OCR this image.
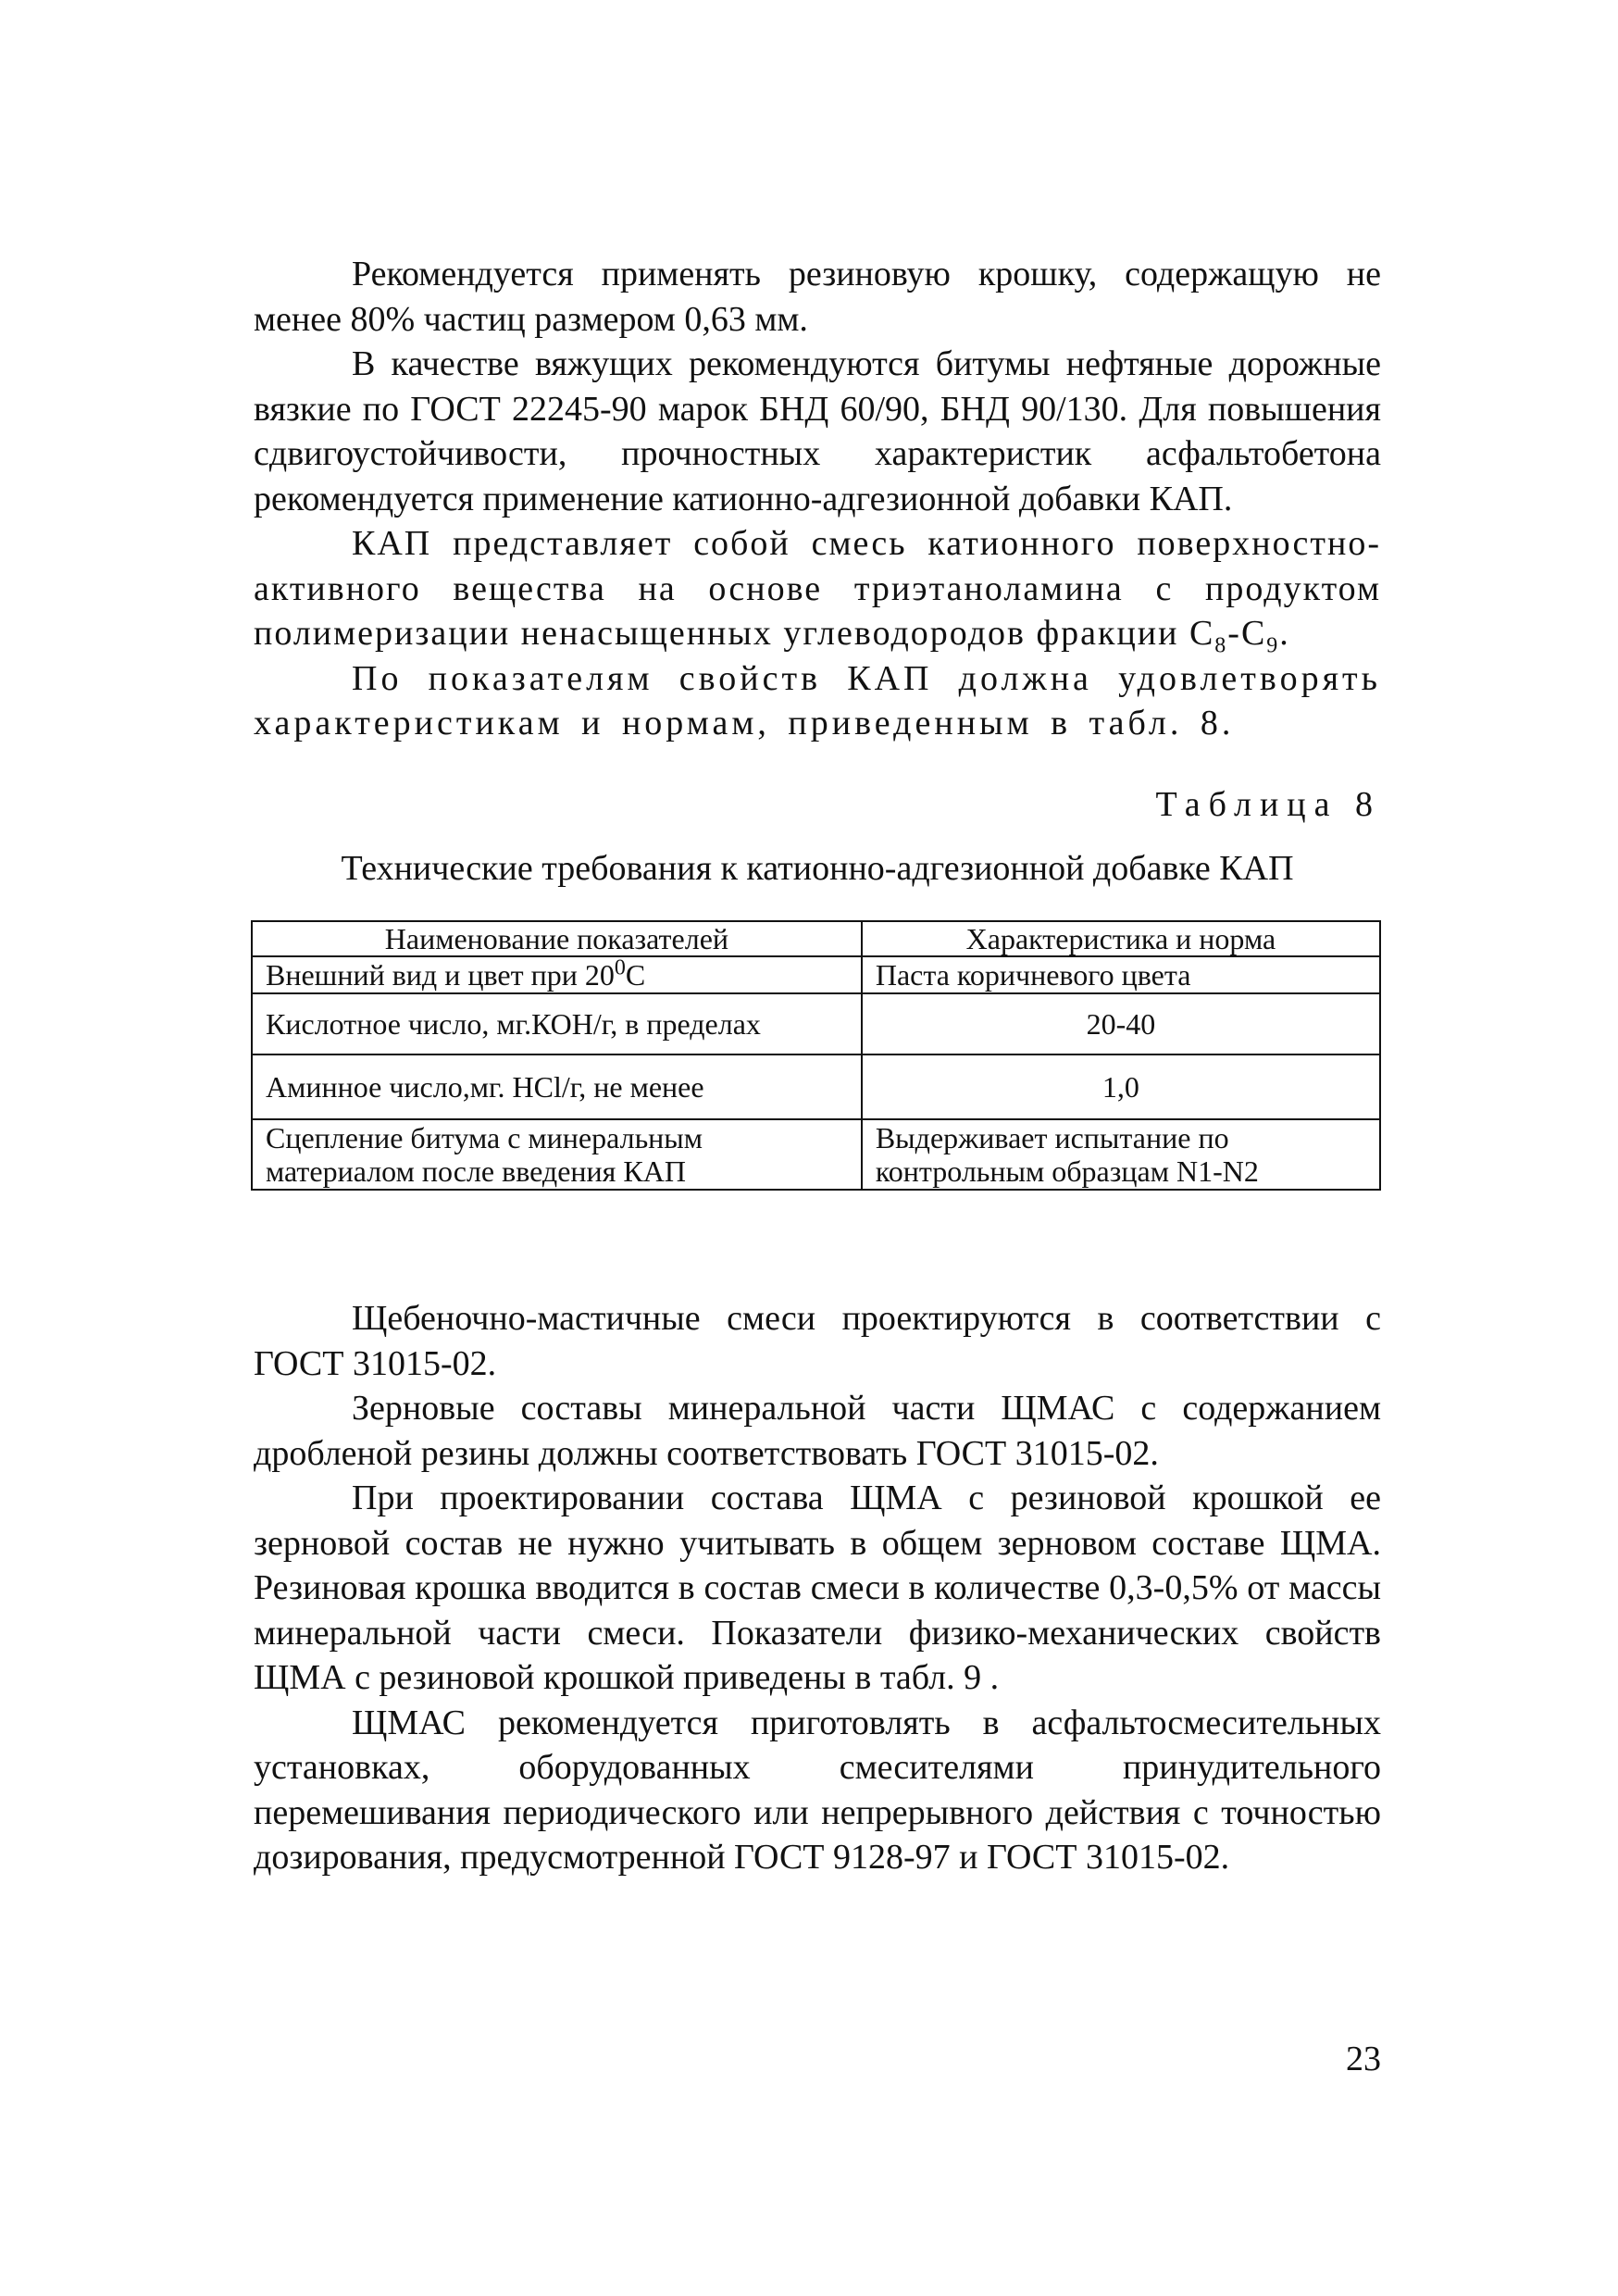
Рекомендуется применять резиновую крошку, содержащую не менее 80% частиц размером 0,63 мм.

В качестве вяжущих рекомендуются битумы нефтяные дорожные вязкие по ГОСТ 22245-90 марок БНД 60/90, БНД 90/130. Для повышения сдвигоустойчивости, прочностных характеристик асфальтобетона рекомендуется применение катионно-адгезионной добавки КАП.

КАП представляет собой смесь катионного поверхностно-активного вещества на основе триэтаноламина с продуктом полимеризации ненасыщенных углеводородов фракции $С_8-С_9$.

По показателям свойств КАП должна удовлетворять характеристикам и нормам, приведенным в табл. 8.

Таблица 8
Технические требования к катионно-адгезионной добавке КАП
Наименование показателей	Характеристика и норма
Внешний вид и цвет при $20^0С$	Паста коричневого цвета
Кислотное число, мг.КОН/г, в пределах	20-40
Аминное число,мг. НСl/г, не менее	1,0
Сцепление битума с минеральным материалом после введения КАП	Выдерживает испытание по контрольным образцам N1-N2

Щебеночно-мастичные смеси проектируются в соответствии с ГОСТ 31015-02.

Зерновые составы минеральной части ЩМАС с содержанием дробленой резины должны соответствовать ГОСТ 31015-02.

При проектировании состава ЩМА с резиновой крошкой ее зерновой состав не нужно учитывать в общем зерновом составе ЩМА. Резиновая крошка вводится в состав смеси в количестве 0,3-0,5% от массы минеральной части смеси. Показатели физико-механических свойств ЩМА с резиновой крошкой приведены в табл. 9 .

ЩМАС рекомендуется приготовлять в асфальтосмесительных установках, оборудованных смесителями принудительного перемешивания периодического или непрерывного действия с точностью дозирования, предусмотренной ГОСТ 9128-97 и ГОСТ 31015-02.

23
